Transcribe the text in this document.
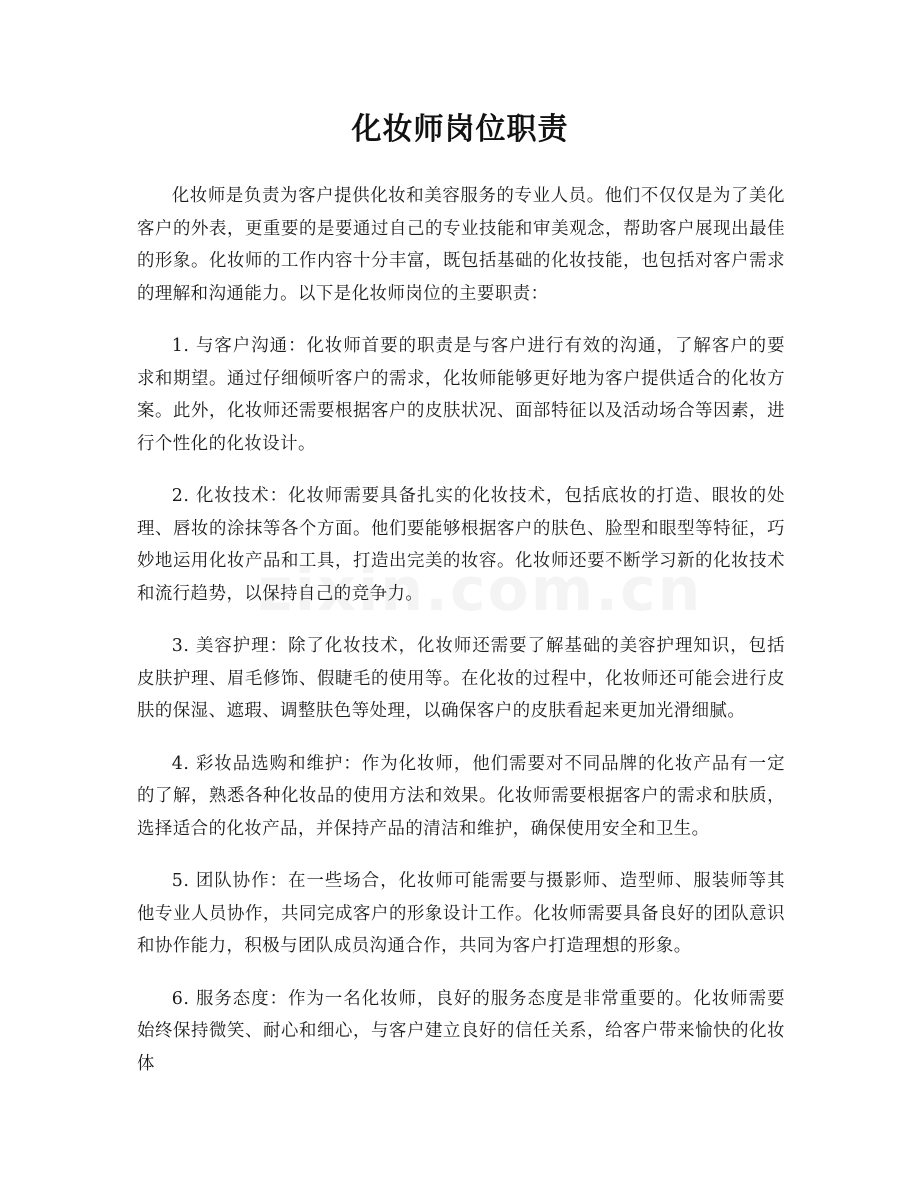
化妆师岗位职责

化妆师是负责为客户提供化妆和美容服务的专业人员。他们不仅仅是为了美化客户的外表，更重要的是要通过自己的专业技能和审美观念，帮助客户展现出最佳的形象。化妆师的工作内容十分丰富，既包括基础的化妆技能，也包括对客户需求的理解和沟通能力。以下是化妆师岗位的主要职责：

1. 与客户沟通：化妆师首要的职责是与客户进行有效的沟通，了解客户的要求和期望。通过仔细倾听客户的需求，化妆师能够更好地为客户提供适合的化妆方案。此外，化妆师还需要根据客户的皮肤状况、面部特征以及活动场合等因素，进行个性化的化妆设计。

2. 化妆技术：化妆师需要具备扎实的化妆技术，包括底妆的打造、眼妆的处理、唇妆的涂抹等各个方面。他们要能够根据客户的肤色、脸型和眼型等特征，巧妙地运用化妆产品和工具，打造出完美的妆容。化妆师还要不断学习新的化妆技术和流行趋势，以保持自己的竞争力。

3. 美容护理：除了化妆技术，化妆师还需要了解基础的美容护理知识，包括皮肤护理、眉毛修饰、假睫毛的使用等。在化妆的过程中，化妆师还可能会进行皮肤的保湿、遮瑕、调整肤色等处理，以确保客户的皮肤看起来更加光滑细腻。

4. 彩妆品选购和维护：作为化妆师，他们需要对不同品牌的化妆产品有一定的了解，熟悉各种化妆品的使用方法和效果。化妆师需要根据客户的需求和肤质，选择适合的化妆产品，并保持产品的清洁和维护，确保使用安全和卫生。

5. 团队协作：在一些场合，化妆师可能需要与摄影师、造型师、服装师等其他专业人员协作，共同完成客户的形象设计工作。化妆师需要具备良好的团队意识和协作能力，积极与团队成员沟通合作，共同为客户打造理想的形象。

6. 服务态度：作为一名化妆师，良好的服务态度是非常重要的。化妆师需要始终保持微笑、耐心和细心，与客户建立良好的信任关系，给客户带来愉快的化妆体
